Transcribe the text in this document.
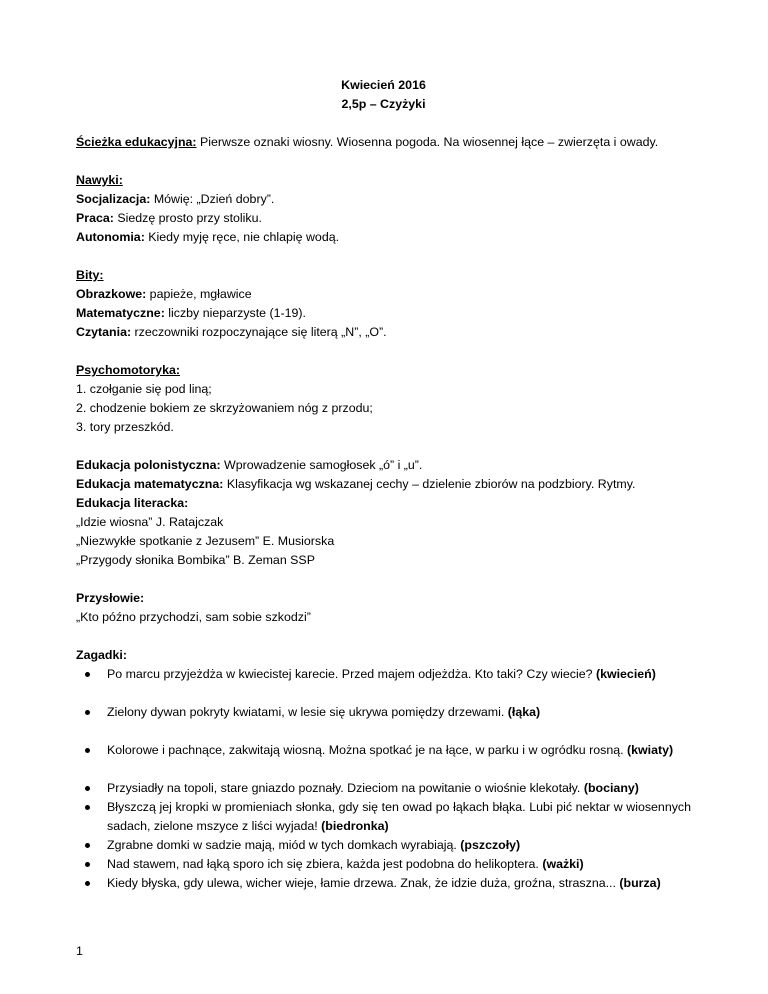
Kwiecień 2016

2,5p – Czyżyki

Ścieżka edukacyjna: Pierwsze oznaki wiosny. Wiosenna pogoda. Na wiosennej łące – zwierzęta i owady.

Nawyki:

Socjalizacja: Mówię: „Dzień dobry”.

Praca: Siedzę prosto przy stoliku.

Autonomia: Kiedy myję ręce, nie chlapię wodą.

Bity:

Obrazkowe: papieże, mgławice

Matematyczne: liczby nieparzyste (1-19).

Czytania: rzeczowniki rozpoczynające się literą „N”, „O”.

Psychomotoryka:

1. czołganie się pod liną;

2. chodzenie bokiem ze skrzyżowaniem nóg z przodu;

3. tory przeszkód.

Edukacja polonistyczna: Wprowadzenie samogłosek „ó” i „u”.

Edukacja matematyczna: Klasyfikacja wg wskazanej cechy – dzielenie zbiorów na podzbiory. Rytmy.

Edukacja literacka:

„Idzie wiosna” J. Ratajczak

„Niezwykłe spotkanie z Jezusem” E. Musiorska

„Przygody słonika Bombika” B. Zeman SSP

Przysłowie:

„Kto późno przychodzi, sam sobie szkodzi”

Zagadki:

Po marcu przyjeżdża w kwiecistej karecie. Przed majem odjeżdża. Kto taki? Czy wiecie? (kwiecień)
Zielony dywan pokryty kwiatami, w lesie się ukrywa pomiędzy drzewami. (łąka)
Kolorowe i pachnące, zakwitają wiosną. Można spotkać je na łące, w parku i w ogródku rosną. (kwiaty)
Przysiadły na topoli, stare gniazdo poznały. Dzieciom na powitanie o wiośnie klekotały. (bociany)
Błyszczą jej kropki w promieniach słonka, gdy się ten owad po łąkach błąka. Lubi pić nektar w wiosennych sadach, zielone mszyce z liści wyjada! (biedronka)
Zgrabne domki w sadzie mają, miód w tych domkach wyrabiają. (pszczoły)
Nad stawem, nad łąką sporo ich się zbiera, każda jest podobna do helikoptera. (ważki)
Kiedy błyska, gdy ulewa, wicher wieje, łamie drzewa. Znak, że idzie duża, groźna, straszna... (burza)
1
